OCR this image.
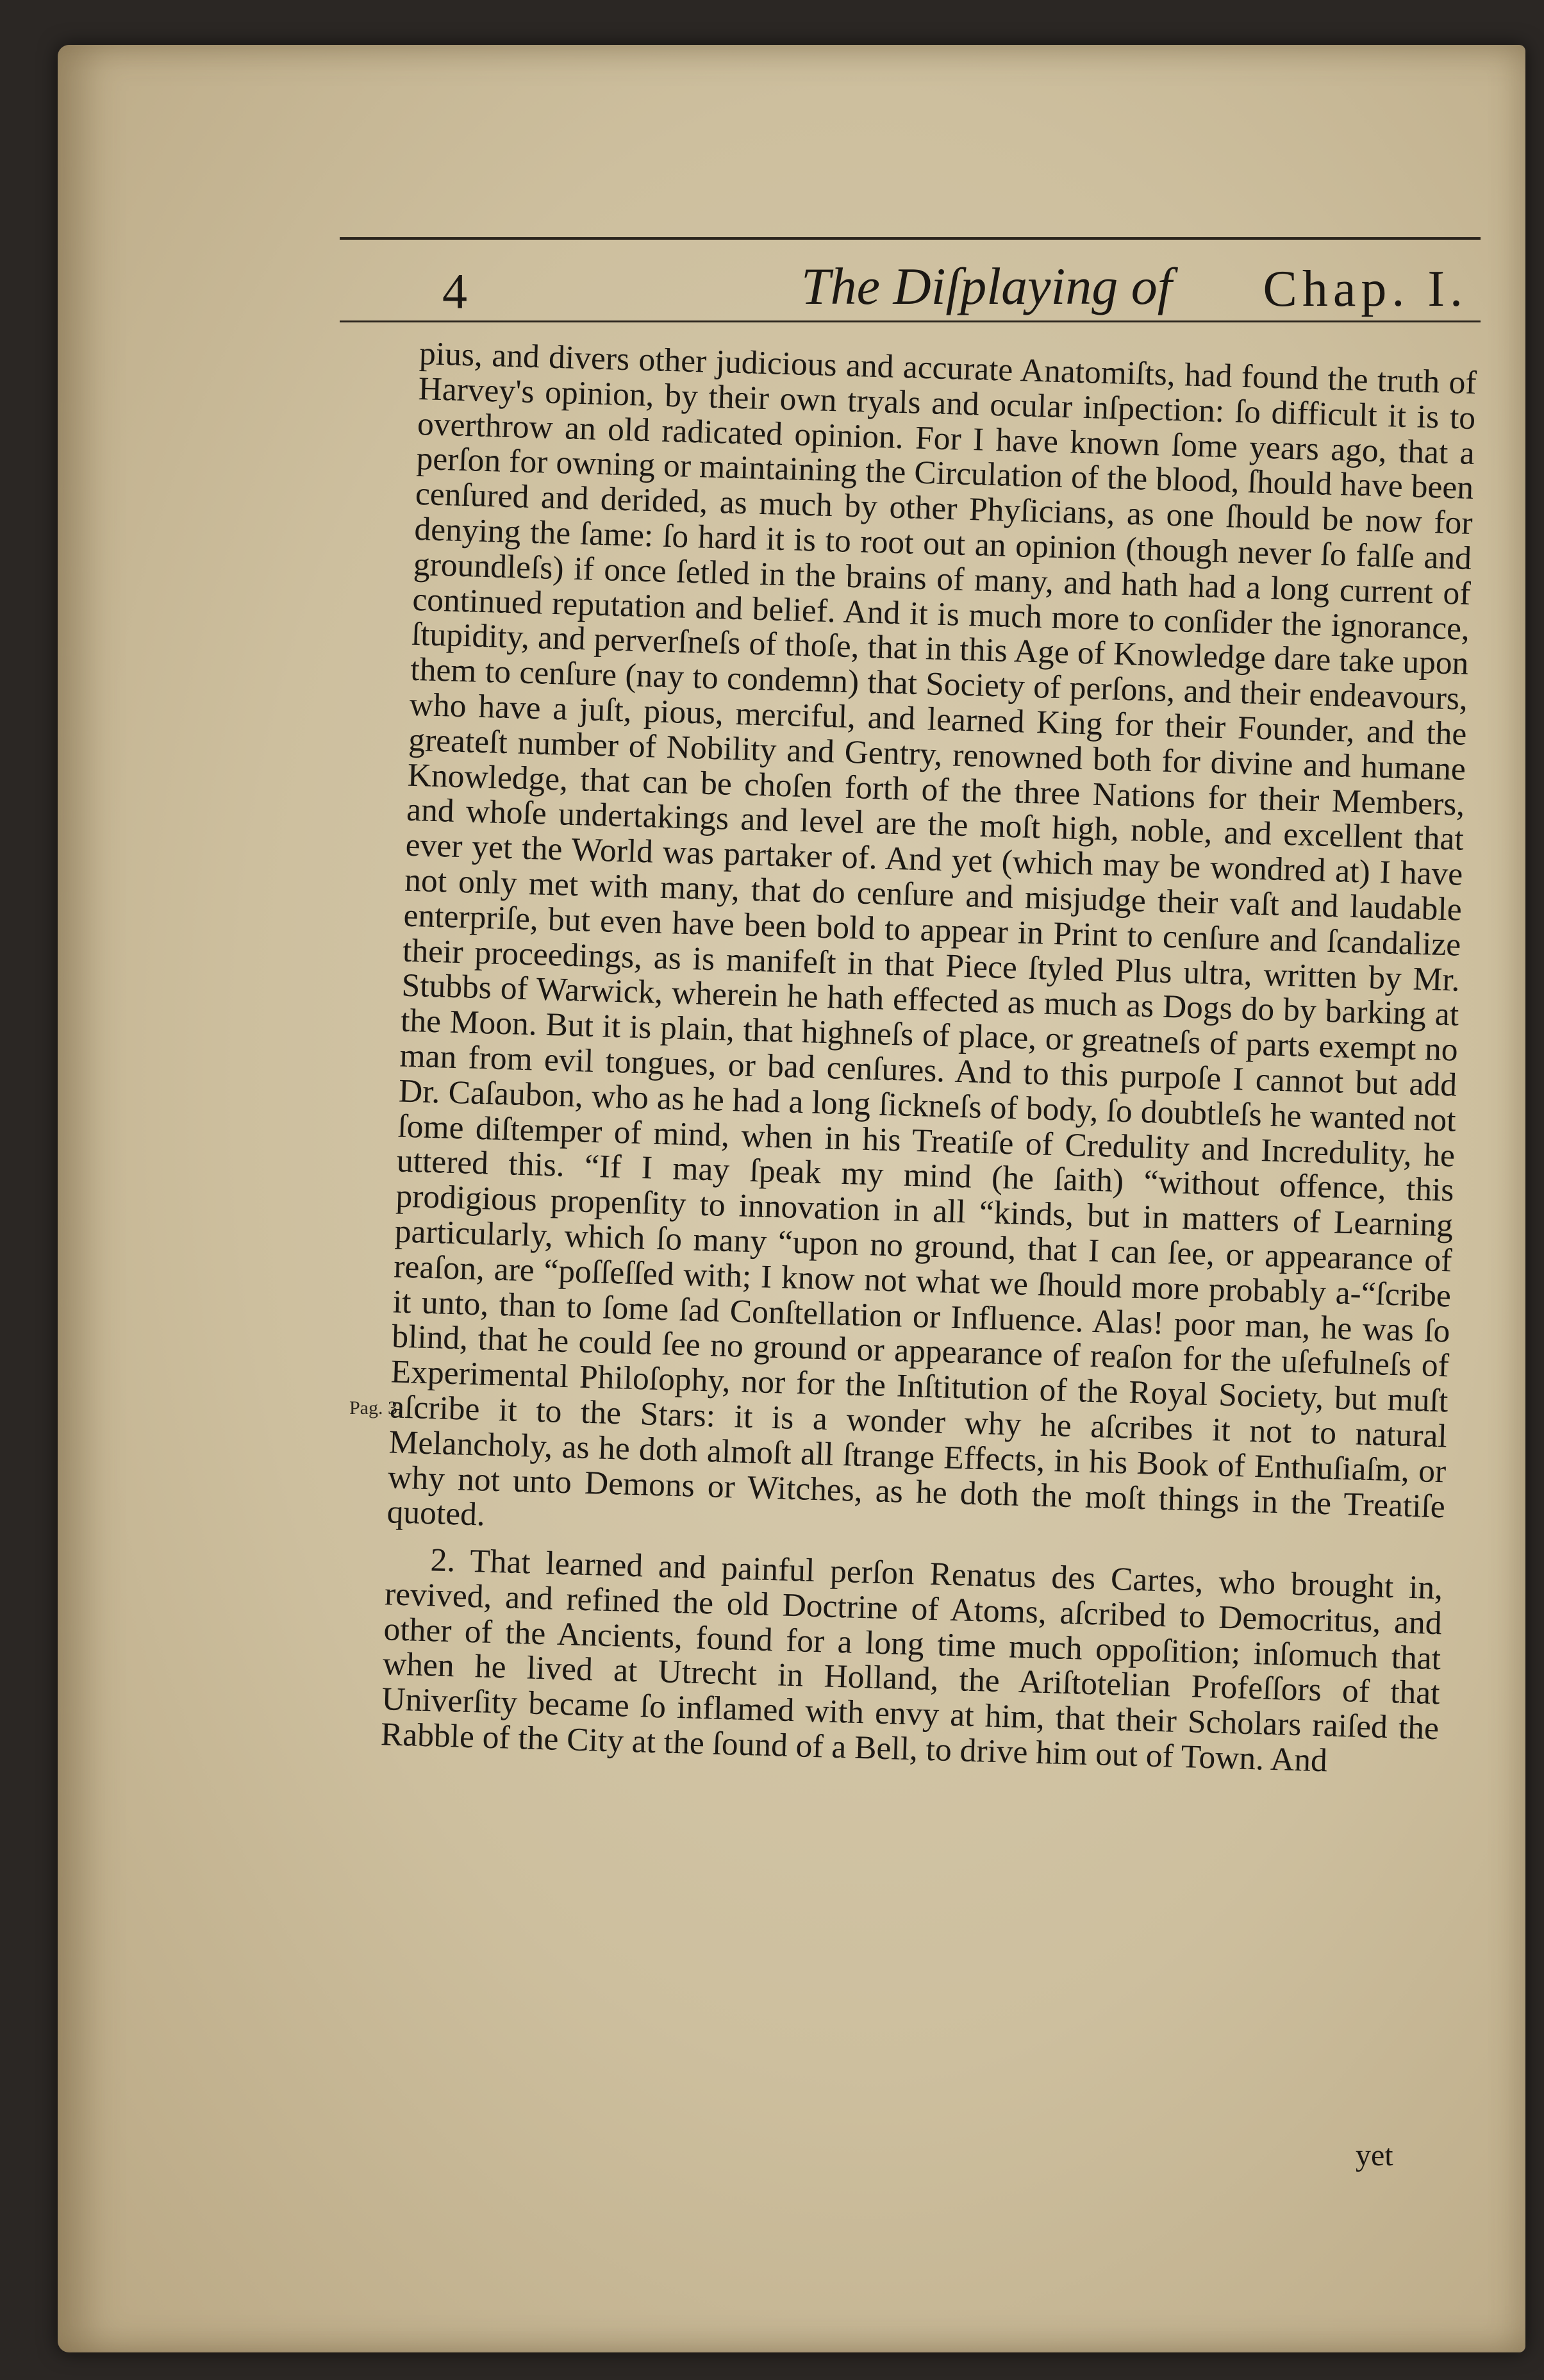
4	The Diſplaying of Chap. I.
Pag. 3.

pius, and divers other judicious and accurate Anatomiſts, had found the truth of Harvey's opinion, by their own tryals and ocular inſpection: ſo difficult it is to overthrow an old radicated opinion. For I have known ſome years ago, that a perſon for owning or maintaining the Circulation of the blood, ſhould have been cenſured and derided, as much by other Phyſicians, as one ſhould be now for denying the ſame: ſo hard it is to root out an opinion (though never ſo falſe and groundleſs) if once ſetled in the brains of many, and hath had a long current of continued reputation and belief. And it is much more to conſider the ignorance, ſtupidity, and perverſneſs of thoſe, that in this Age of Knowledge dare take upon them to cenſure (nay to condemn) that Society of perſons, and their endeavours, who have a juſt, pious, merciful, and learned King for their Founder, and the greateſt number of Nobility and Gentry, renowned both for divine and humane Knowledge, that can be choſen forth of the three Nations for their Members, and whoſe undertakings and level are the moſt high, noble, and excellent that ever yet the World was partaker of. And yet (which may be wondred at) I have not only met with many, that do cenſure and misjudge their vaſt and laudable enterpriſe, but even have been bold to appear in Print to cenſure and ſcandalize their proceedings, as is manifeſt in that Piece ſtyled Plus ultra, written by Mr. Stubbs of Warwick, wherein he hath effected as much as Dogs do by barking at the Moon. But it is plain, that highneſs of place, or greatneſs of parts exempt no man from evil tongues, or bad cenſures. And to this purpoſe I cannot but add Dr. Caſaubon, who as he had a long ſickneſs of body, ſo doubtleſs he wanted not ſome diſtemper of mind, when in his Treatiſe of Credulity and Incredulity, he uttered this. “If I may ſpeak my mind (he ſaith) “without offence, this prodigious propenſity to innovation in all “kinds, but in matters of Learning particularly, which ſo many “upon no ground, that I can ſee, or appearance of reaſon, are “poſſeſſed with; I know not what we ſhould more probably a-“ſcribe it unto, than to ſome ſad Conſtellation or Influence. Alas! poor man, he was ſo blind, that he could ſee no ground or appearance of reaſon for the uſefulneſs of Experimental Philoſophy, nor for the Inſtitution of the Royal Society, but muſt aſcribe it to the Stars: it is a wonder why he aſcribes it not to natural Melancholy, as he doth almoſt all ſtrange Effects, in his Book of Enthuſiaſm, or why not unto Demons or Witches, as he doth the moſt things in the Treatiſe quoted.

2. That learned and painful perſon Renatus des Cartes, who brought in, revived, and refined the old Doctrine of Atoms, aſcribed to Democritus, and other of the Ancients, found for a long time much oppoſition; inſomuch that when he lived at Utrecht in Holland, the Ariſtotelian Profeſſors of that Univerſity became ſo inflamed with envy at him, that their Scholars raiſed the Rabble of the City at the ſound of a Bell, to drive him out of Town. And

yet
